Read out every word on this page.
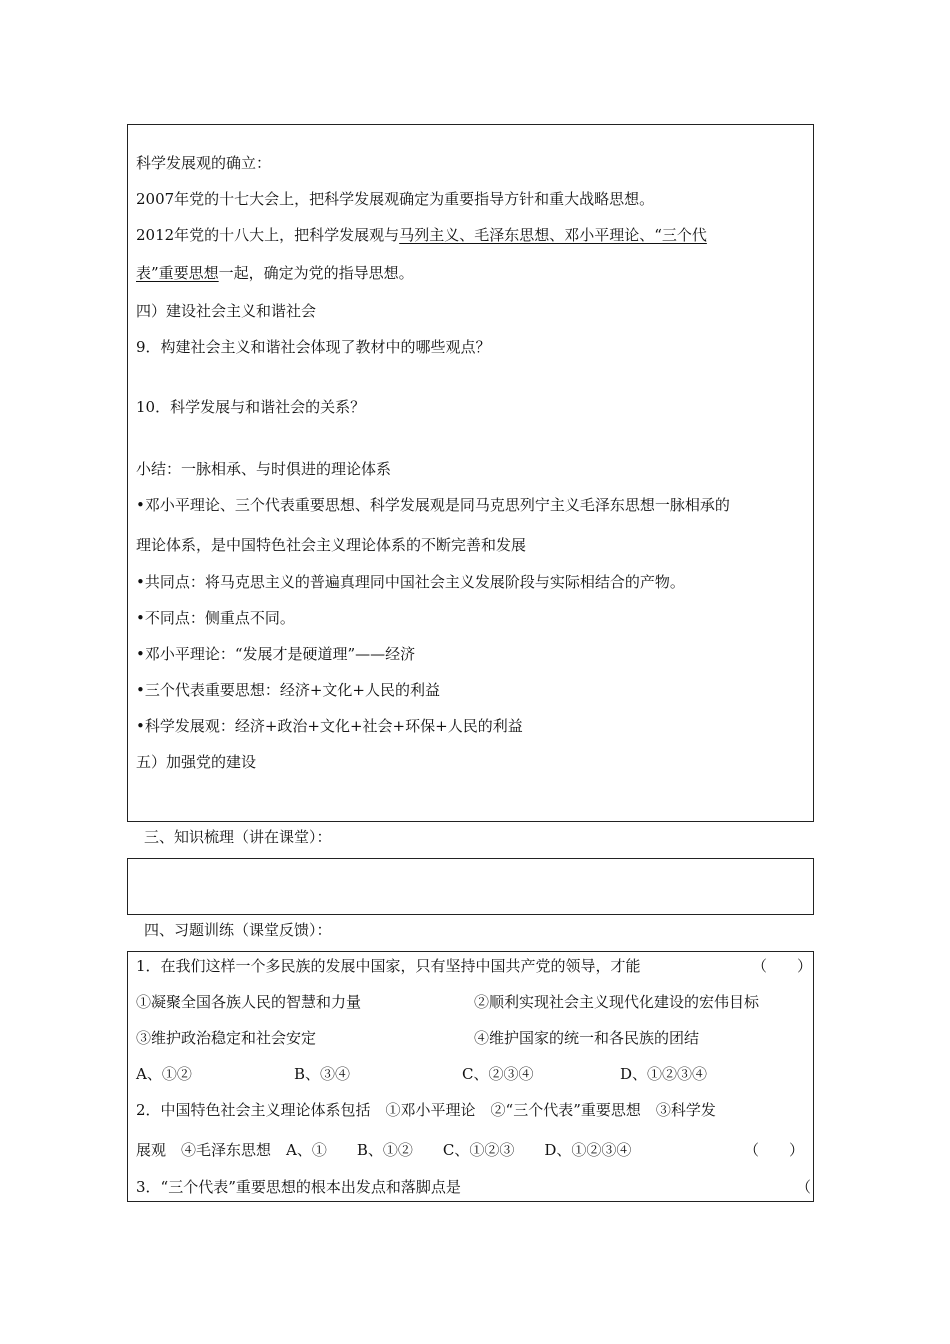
科学发展观的确立：
2007年党的十七大会上，把科学发展观确定为重要指导方针和重大战略思想。
2012年党的十八大上，把科学发展观与马列主义、毛泽东思想、邓小平理论、“三个代
表”重要思想一起，确定为党的指导思想。
四）建设社会主义和谐社会
9．构建社会主义和谐社会体现了教材中的哪些观点？
10．科学发展与和谐社会的关系？
小结：一脉相承、与时俱进的理论体系
•邓小平理论、三个代表重要思想、科学发展观是同马克思列宁主义毛泽东思想一脉相承的
理论体系，是中国特色社会主义理论体系的不断完善和发展
•共同点：将马克思主义的普遍真理同中国社会主义发展阶段与实际相结合的产物。
•不同点：侧重点不同。
•邓小平理论：“发展才是硬道理”——经济
•三个代表重要思想：经济+文化+人民的利益
•科学发展观：经济+政治+文化+社会+环保+人民的利益
五）加强党的建设
三、知识梳理（讲在课堂）：
四、习题训练（课堂反馈）：
1．在我们这样一个多民族的发展中国家，只有坚持中国共产党的领导，才能	（　　）
①凝聚全国各族人民的智慧和力量	②顺利实现社会主义现代化建设的宏伟目标
③维护政治稳定和社会安定	④维护国家的统一和各民族的团结
A、①②	B、③④	C、②③④	D、①②③④
2．中国特色社会主义理论体系包括　①邓小平理论　②“三个代表”重要思想　③科学发
展观　④毛泽东思想　A、①　　B、①②　　C、①②③　　D、①②③④	（　　）
3．“三个代表”重要思想的根本出发点和落脚点是	（
